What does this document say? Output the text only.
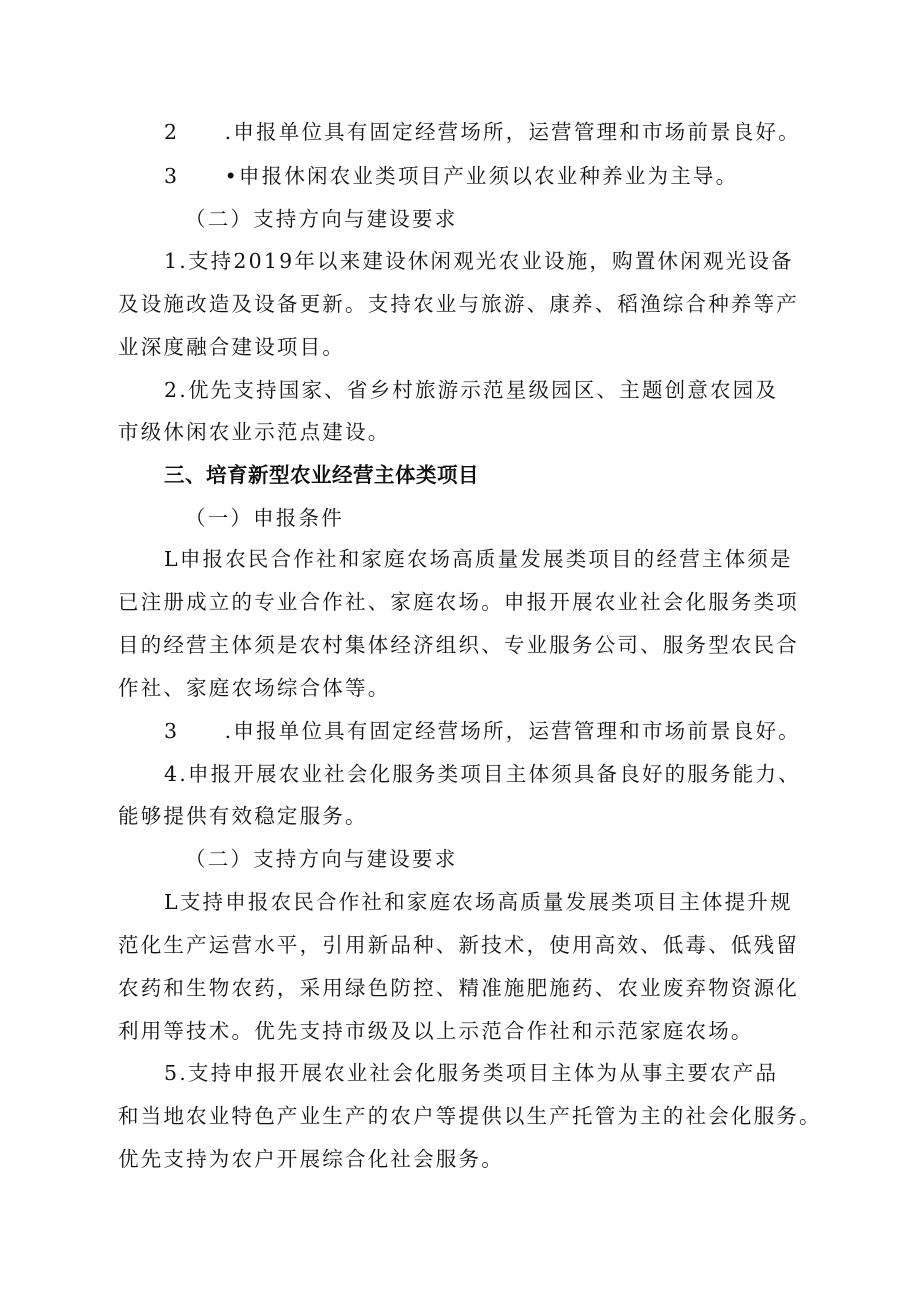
2　　.申报单位具有固定经营场所，运营管理和市场前景良好。
3　　•申报休闲农业类项目产业须以农业种养业为主导。
（二）支持方向与建设要求
1.支持2019年以来建设休闲观光农业设施，购置休闲观光设备
及设施改造及设备更新。支持农业与旅游、康养、稻渔综合种养等产
业深度融合建设项目。
2.优先支持国家、省乡村旅游示范星级园区、主题创意农园及
市级休闲农业示范点建设。
三、培育新型农业经营主体类项目
（一）申报条件
L申报农民合作社和家庭农场高质量发展类项目的经营主体须是
已注册成立的专业合作社、家庭农场。申报开展农业社会化服务类项
目的经营主体须是农村集体经济组织、专业服务公司、服务型农民合
作社、家庭农场综合体等。
3　　.申报单位具有固定经营场所，运营管理和市场前景良好。
4.申报开展农业社会化服务类项目主体须具备良好的服务能力、
能够提供有效稳定服务。
（二）支持方向与建设要求
L支持申报农民合作社和家庭农场高质量发展类项目主体提升规
范化生产运营水平，引用新品种、新技术，使用高效、低毒、低残留
农药和生物农药，采用绿色防控、精准施肥施药、农业废弃物资源化
利用等技术。优先支持市级及以上示范合作社和示范家庭农场。
5.支持申报开展农业社会化服务类项目主体为从事主要农产品
和当地农业特色产业生产的农户等提供以生产托管为主的社会化服务。
优先支持为农户开展综合化社会服务。
